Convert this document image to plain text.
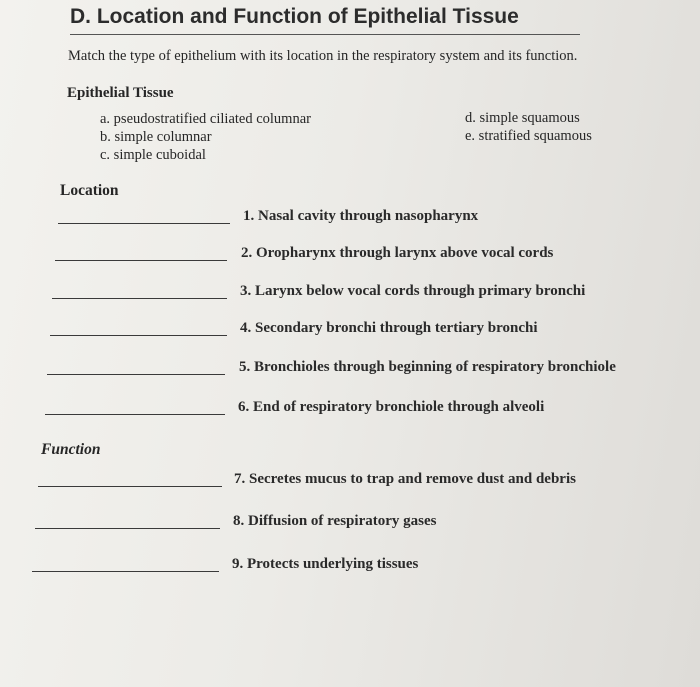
D. Location and Function of Epithelial Tissue
Match the type of epithelium with its location in the respiratory system and its function.
Epithelial Tissue
a. pseudostratified ciliated columnar
b. simple columnar
c. simple cuboidal
d. simple squamous
e. stratified squamous
Location
1. Nasal cavity through nasopharynx
2. Oropharynx through larynx above vocal cords
3. Larynx below vocal cords through primary bronchi
4. Secondary bronchi through tertiary bronchi
5. Bronchioles through beginning of respiratory bronchiole
6. End of respiratory bronchiole through alveoli
Function
7. Secretes mucus to trap and remove dust and debris
8. Diffusion of respiratory gases
9. Protects underlying tissues
